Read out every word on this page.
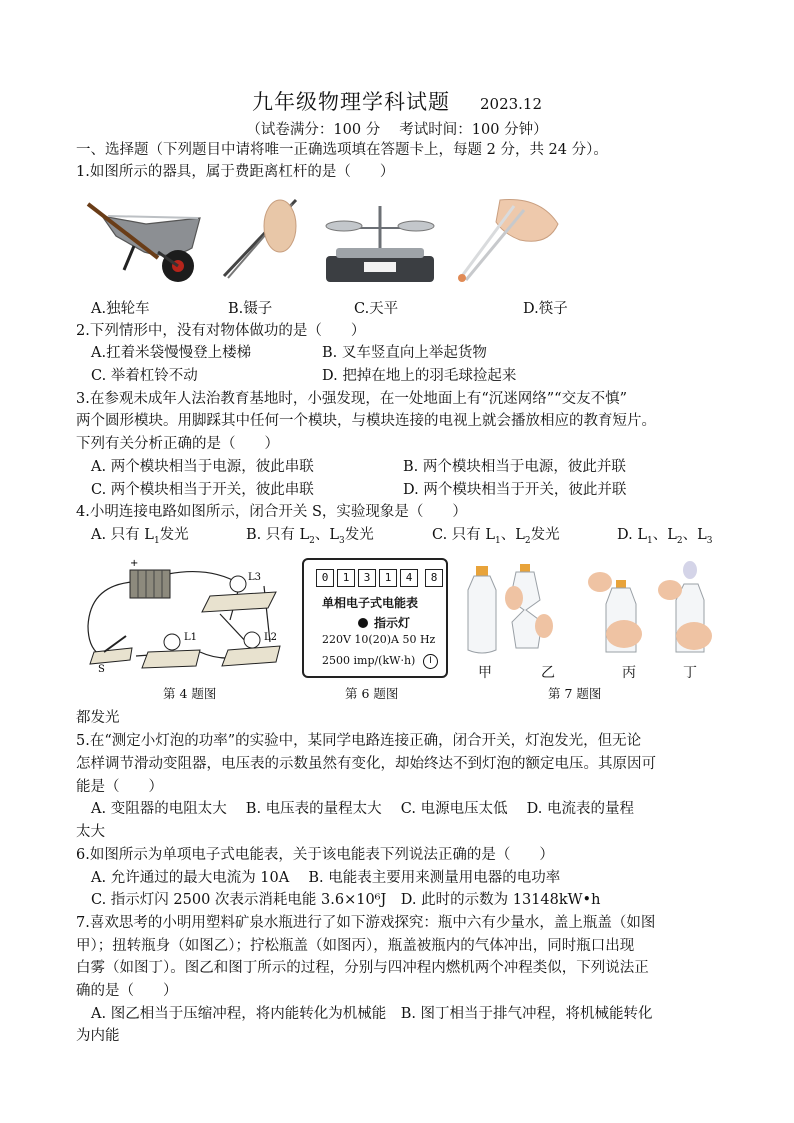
九年级物理学科试题 2023.12
（试卷满分：100 分　 考试时间：100 分钟）
一、选择题（下列题目中请将唯一正确选项填在答题卡上，每题 2 分，共 24 分）。
1.如图所示的器具，属于费距离杠杆的是（　　）
A.独轮车	B.镊子	C.天平	D.筷子
2.下列情形中，没有对物体做功的是（　　）
A.扛着米袋慢慢登上楼梯	B. 叉车竖直向上举起货物
C. 举着杠铃不动	D. 把掉在地上的羽毛球捡起来
3.在参观未成年人法治教育基地时，小强发现，在一处地面上有“沉迷网络”“交友不慎”
两个圆形模块。用脚踩其中任何一个模块，与模块连接的电视上就会播放相应的教育短片。
下列有关分析正确的是（　　）
A. 两个模块相当于电源，彼此串联	B. 两个模块相当于电源，彼此并联
C. 两个模块相当于开关，彼此串联	D. 两个模块相当于开关，彼此并联
4.小明连接电路如图所示，闭合开关 S，实验现象是（　　）
A. 只有 $L_1$发光	B. 只有 $L_2$、$L_3$发光	C. 只有 $L_1$、$L_2$发光	D. $L_1$、$L_2$、$L_3$
+
L3
L1	L2
S
第 4 题图
0	1	3	1	4	8
单相电子式电能表
指示灯
220V 10(20)A 50 Hz
2500 imp/(kW·h)	Ⅰ
第 6 题图
甲	乙	丙	丁
第 7 题图
都发光
5.在“测定小灯泡的功率”的实验中，某同学电路连接正确，闭合开关，灯泡发光，但无论
怎样调节滑动变阻器，电压表的示数虽然有变化，却始终达不到灯泡的额定电压。其原因可
能是（　　）
A. 变阻器的电阻太大　 B. 电压表的量程太大　 C. 电源电压太低　 D. 电流表的量程
太大
6.如图所示为单项电子式电能表，关于该电能表下列说法正确的是（　　）
A. 允许通过的最大电流为 10A　 B. 电能表主要用来测量用电器的电功率
C. 指示灯闪 2500 次表示消耗电能 3.6×10⁶J　D. 此时的示数为 13148kW•h
7.喜欢思考的小明用塑料矿泉水瓶进行了如下游戏探究：瓶中六有少量水，盖上瓶盖（如图
甲）；扭转瓶身（如图乙）；拧松瓶盖（如图丙），瓶盖被瓶内的气体冲出，同时瓶口出现
白雾（如图丁）。图乙和图丁所示的过程，分别与四冲程内燃机两个冲程类似，下列说法正
确的是（　　）
A. 图乙相当于压缩冲程，将内能转化为机械能　B. 图丁相当于排气冲程，将机械能转化
为内能
